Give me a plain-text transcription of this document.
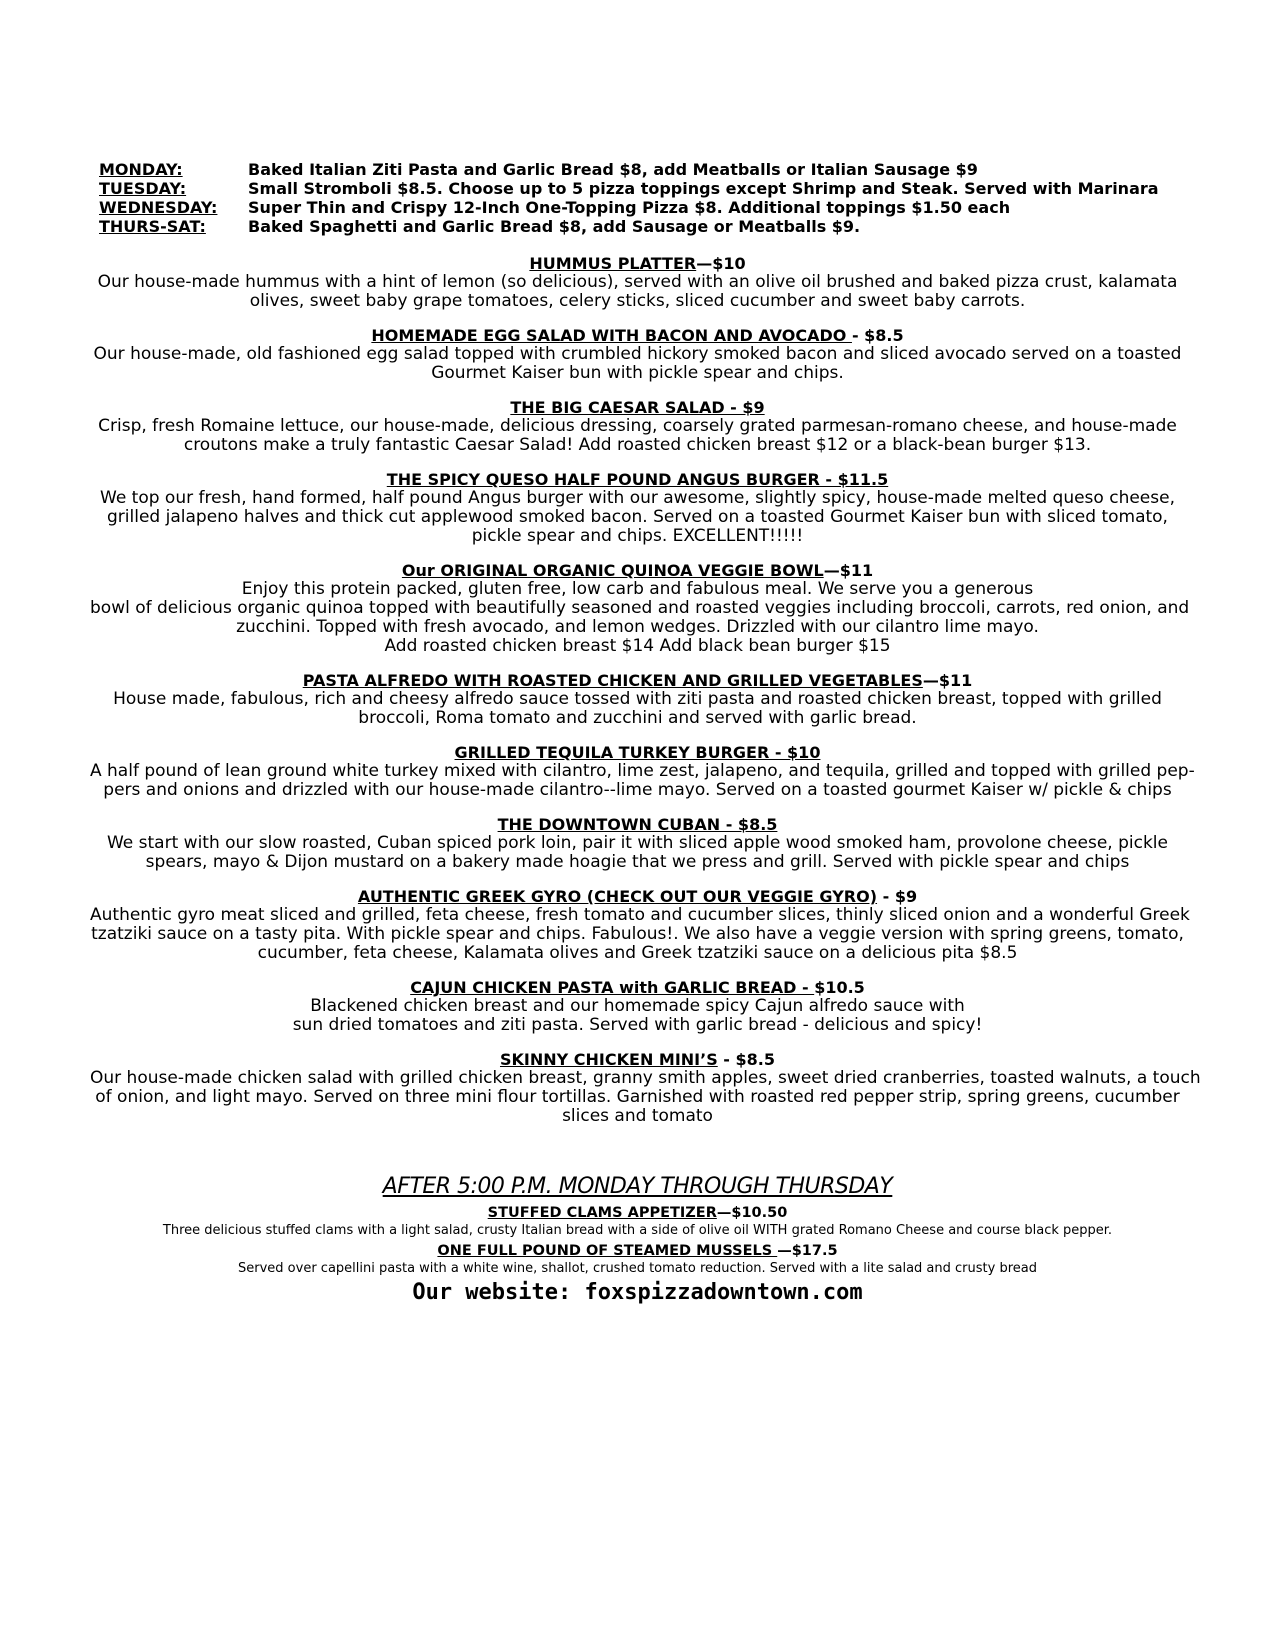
MONDAY:	Baked Italian Ziti Pasta and Garlic Bread $8, add Meatballs or Italian Sausage $9
TUESDAY:	Small Stromboli $8.5. Choose up to 5 pizza toppings except Shrimp and Steak. Served with Marinara
WEDNESDAY:	Super Thin and Crispy 12-Inch One-Topping Pizza $8. Additional toppings $1.50 each
THURS-SAT:	Baked Spaghetti and Garlic Bread $8, add Sausage or Meatballs $9.
HUMMUS PLATTER—$10
Our house-made hummus with a hint of lemon (so delicious), served with an olive oil brushed and baked pizza crust, kalamata
olives, sweet baby grape tomatoes, celery sticks, sliced cucumber and sweet baby carrots.
HOMEMADE EGG SALAD WITH BACON AND AVOCADO - $8.5
Our house-made, old fashioned egg salad topped with crumbled hickory smoked bacon and sliced avocado served on a toasted
Gourmet Kaiser bun with pickle spear and chips.
THE BIG CAESAR SALAD - $9
Crisp, fresh Romaine lettuce, our house-made, delicious dressing, coarsely grated parmesan-romano cheese, and house-made
croutons make a truly fantastic Caesar Salad! Add roasted chicken breast $12 or a black-bean burger $13.
THE SPICY QUESO HALF POUND ANGUS BURGER - $11.5
We top our fresh, hand formed, half pound Angus burger with our awesome, slightly spicy, house-made melted queso cheese,
grilled jalapeno halves and thick cut applewood smoked bacon. Served on a toasted Gourmet Kaiser bun with sliced tomato,
pickle spear and chips. EXCELLENT!!!!!
Our ORIGINAL ORGANIC QUINOA VEGGIE BOWL—$11
Enjoy this protein packed, gluten free, low carb and fabulous meal. We serve you a generous
bowl of delicious organic quinoa topped with beautifully seasoned and roasted veggies including broccoli, carrots, red onion, and
zucchini. Topped with fresh avocado, and lemon wedges. Drizzled with our cilantro lime mayo.
Add roasted chicken breast $14 Add black bean burger $15
PASTA ALFREDO WITH ROASTED CHICKEN AND GRILLED VEGETABLES—$11
House made, fabulous, rich and cheesy alfredo sauce tossed with ziti pasta and roasted chicken breast, topped with grilled
broccoli, Roma tomato and zucchini and served with garlic bread.
GRILLED TEQUILA TURKEY BURGER - $10
A half pound of lean ground white turkey mixed with cilantro, lime zest, jalapeno, and tequila, grilled and topped with grilled pep-
pers and onions and drizzled with our house-made cilantro--lime mayo. Served on a toasted gourmet Kaiser w/ pickle & chips
THE DOWNTOWN CUBAN - $8.5
We start with our slow roasted, Cuban spiced pork loin, pair it with sliced apple wood smoked ham, provolone cheese, pickle
spears, mayo & Dijon mustard on a bakery made hoagie that we press and grill. Served with pickle spear and chips
AUTHENTIC GREEK GYRO (CHECK OUT OUR VEGGIE GYRO) - $9
Authentic gyro meat sliced and grilled, feta cheese, fresh tomato and cucumber slices, thinly sliced onion and a wonderful Greek
tzatziki sauce on a tasty pita. With pickle spear and chips. Fabulous!. We also have a veggie version with spring greens, tomato,
cucumber, feta cheese, Kalamata olives and Greek tzatziki sauce on a delicious pita $8.5
CAJUN CHICKEN PASTA with GARLIC BREAD - $10.5
Blackened chicken breast and our homemade spicy Cajun alfredo sauce with
sun dried tomatoes and ziti pasta. Served with garlic bread - delicious and spicy!
SKINNY CHICKEN MINI’S - $8.5
Our house-made chicken salad with grilled chicken breast, granny smith apples, sweet dried cranberries, toasted walnuts, a touch
of onion, and light mayo. Served on three mini flour tortillas. Garnished with roasted red pepper strip, spring greens, cucumber
slices and tomato
AFTER 5:00 P.M. MONDAY THROUGH THURSDAY
STUFFED CLAMS APPETIZER—$10.50
Three delicious stuffed clams with a light salad, crusty Italian bread with a side of olive oil WITH grated Romano Cheese and course black pepper.
ONE FULL POUND OF STEAMED MUSSELS —$17.5
Served over capellini pasta with a white wine, shallot, crushed tomato reduction. Served with a lite salad and crusty bread
Our website: foxspizzadowntown.com
